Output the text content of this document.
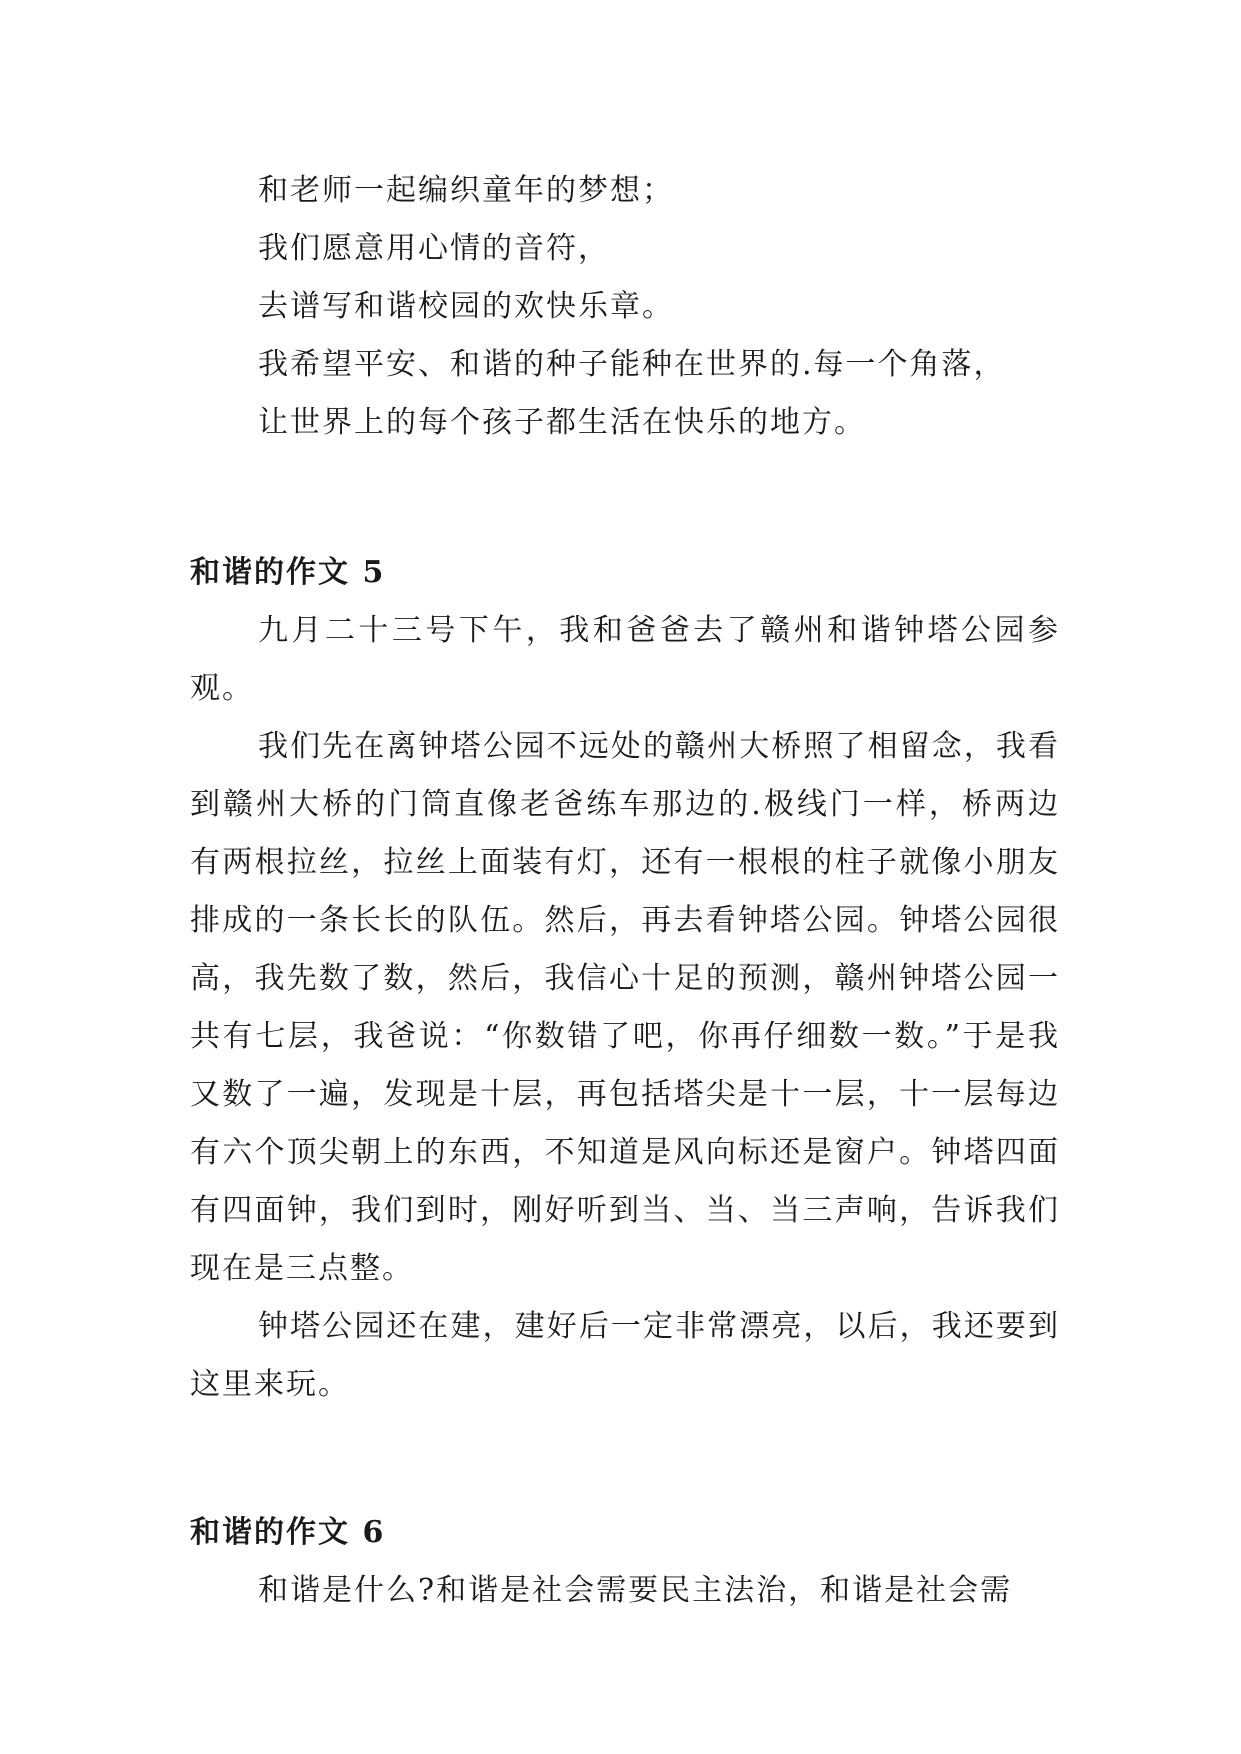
和老师一起编织童年的梦想；
我们愿意用心情的音符，
去谱写和谐校园的欢快乐章。
我希望平安、和谐的种子能种在世界的.每一个角落，
让世界上的每个孩子都生活在快乐的地方。
和谐的作文 5

九月二十三号下午，我和爸爸去了赣州和谐钟塔公园参观。

我们先在离钟塔公园不远处的赣州大桥照了相留念，我看到赣州大桥的门筒直像老爸练车那边的.极线门一样，桥两边有两根拉丝，拉丝上面装有灯，还有一根根的柱子就像小朋友排成的一条长长的队伍。然后，再去看钟塔公园。钟塔公园很高，我先数了数，然后，我信心十足的预测，赣州钟塔公园一共有七层，我爸说：“你数错了吧，你再仔细数一数。”于是我又数了一遍，发现是十层，再包括塔尖是十一层，十一层每边有六个顶尖朝上的东西，不知道是风向标还是窗户。钟塔四面有四面钟，我们到时，刚好听到当、当、当三声响，告诉我们现在是三点整。

钟塔公园还在建，建好后一定非常漂亮，以后，我还要到这里来玩。

和谐的作文 6

和谐是什么?和谐是社会需要民主法治，和谐是社会需
